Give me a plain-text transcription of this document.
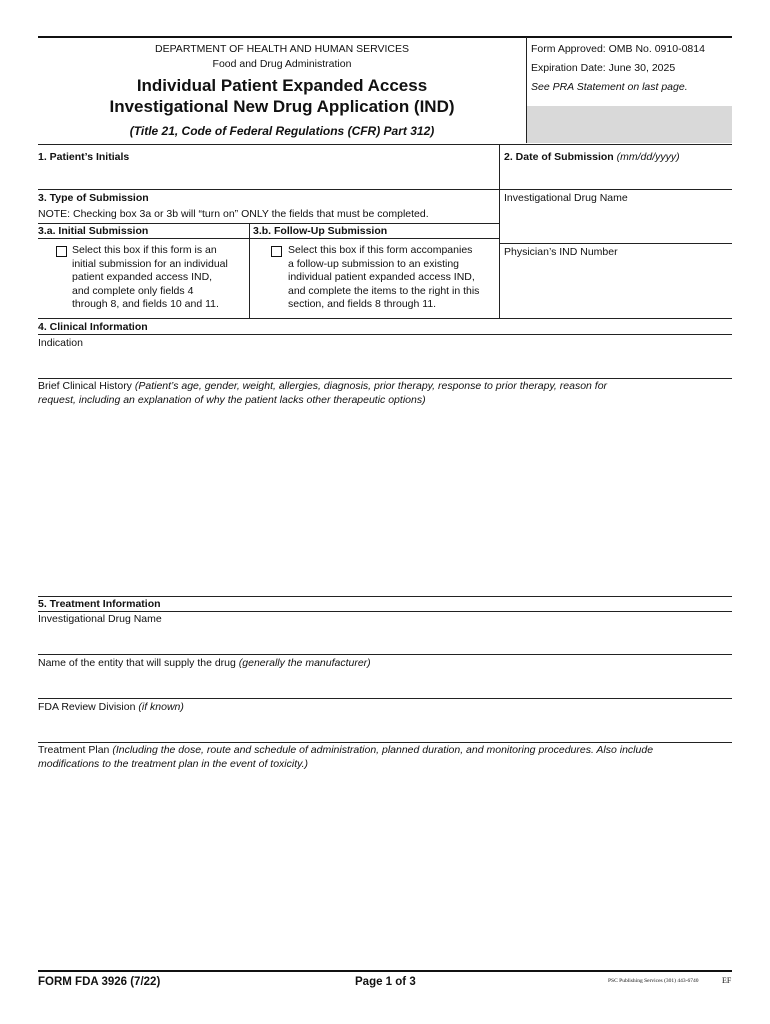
DEPARTMENT OF HEALTH AND HUMAN SERVICES
Food and Drug Administration
Individual Patient Expanded Access
Investigational New Drug Application (IND)
(Title 21, Code of Federal Regulations (CFR) Part 312)
Form Approved: OMB No. 0910-0814
Expiration Date: June 30, 2025
See PRA Statement on last page.
1. Patient’s Initials	2. Date of Submission (mm/dd/yyyy)
3. Type of Submission
NOTE: Checking box 3a or 3b will “turn on” ONLY the fields that must be completed.
Investigational Drug Name
3.a. Initial Submission	3.b. Follow-Up Submission
Select this box if this form is an
initial submission for an individual
patient expanded access IND,
and complete only fields 4
through 8, and fields 10 and 11.
Select this box if this form accompanies
a follow-up submission to an existing
individual patient expanded access IND,
and complete the items to the right in this
section, and fields 8 through 11.
Physician’s IND Number
4. Clinical Information
Indication
Brief Clinical History (Patient’s age, gender, weight, allergies, diagnosis, prior therapy, response to prior therapy, reason for
request, including an explanation of why the patient lacks other therapeutic options)
5. Treatment Information
Investigational Drug Name
Name of the entity that will supply the drug (generally the manufacturer)
FDA Review Division (if known)
Treatment Plan (Including the dose, route and schedule of administration, planned duration, and monitoring procedures. Also include
modifications to the treatment plan in the event of toxicity.)
FORM FDA 3926 (7/22)	Page 1 of 3	PSC Publishing Services (301) 443-6740	EF
